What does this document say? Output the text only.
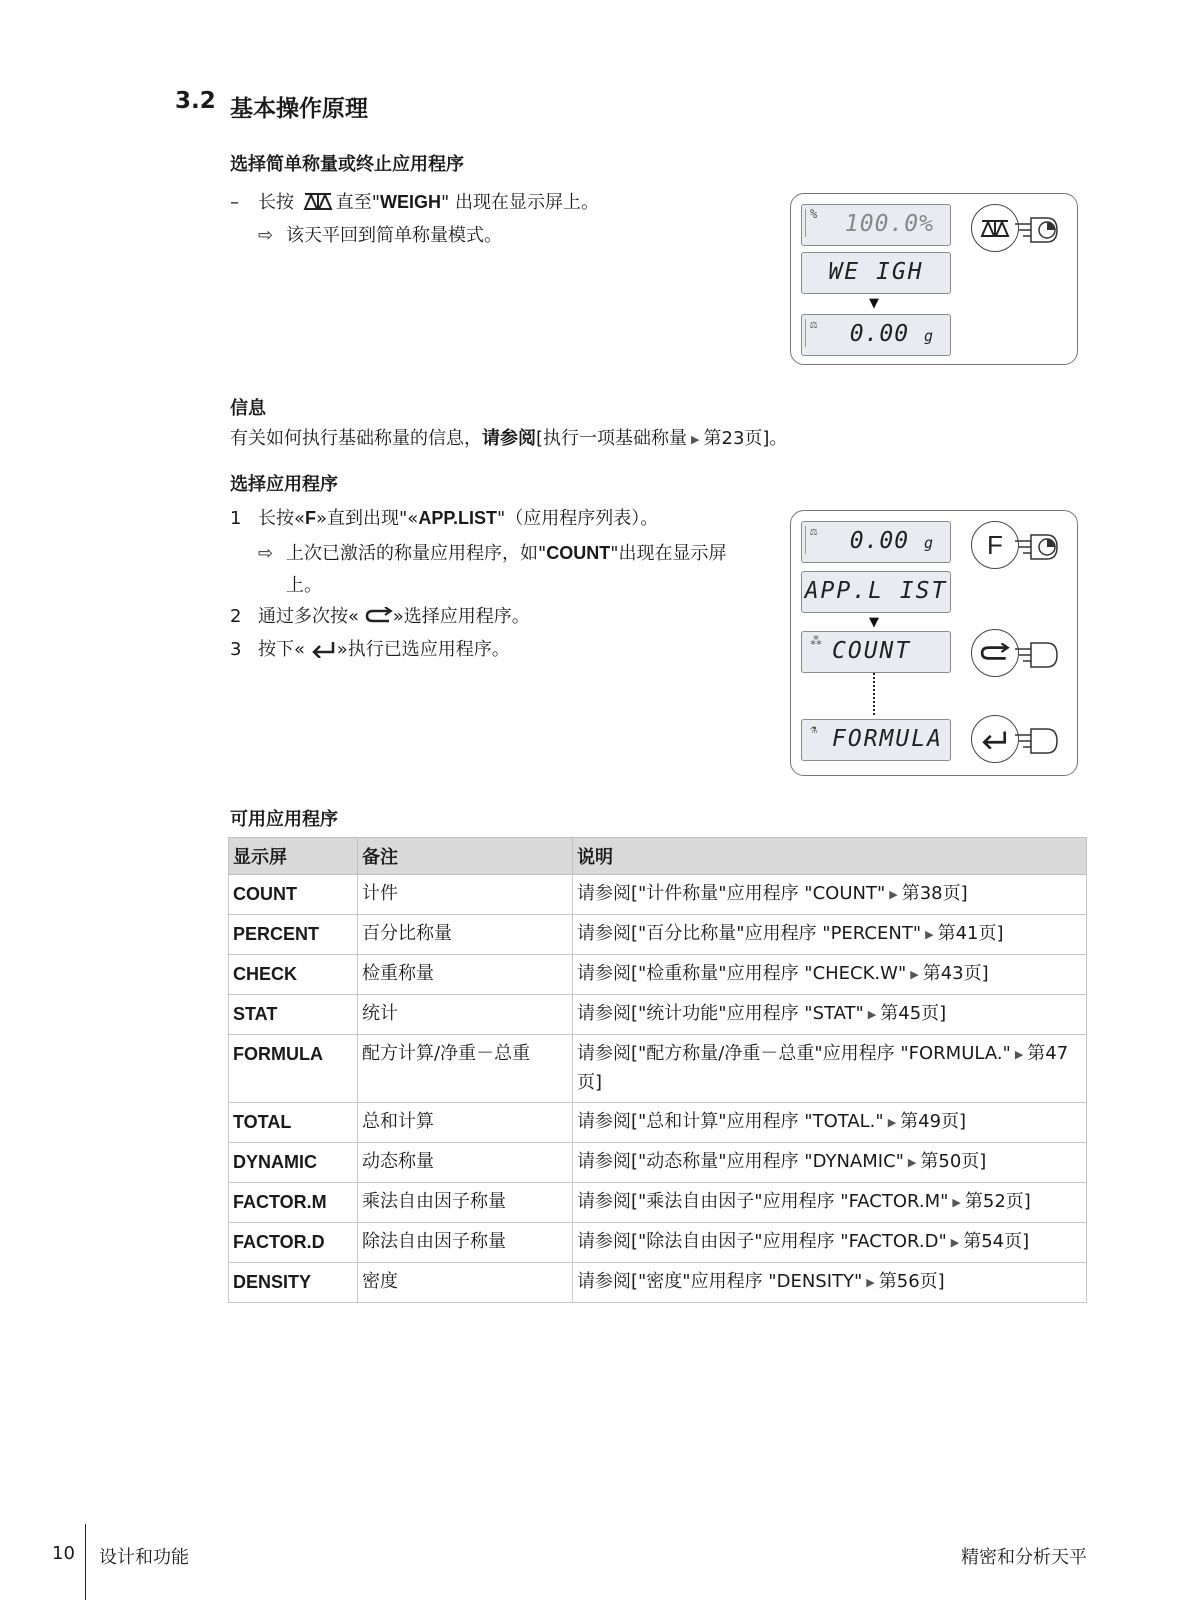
3.2 基本操作原理
选择简单称量或终止应用程序
– 长按 直至"WEIGH" 出现在显示屏上。
⇨ 该天平回到简单称量模式。
% 100.0%
WE IGH
▼
⚖ 0.00 g
信息
有关如何执行基础称量的信息，请参阅[执行一项基础称量 ▶ 第23页]。
选择应用程序
1 长按«F»直到出现"«APP.LIST"（应用程序列表）。
⇨ 上次已激活的称量应用程序，如"COUNT"出现在显示屏
上。
2 通过多次按« »选择应用程序。
3 按下« »执行已选应用程序。
⚖ 0.00 g
APP.L IST
▼
⁂ COUNT
⚗ FORMULA
F
可用应用程序
显示屏	备注	说明
COUNT	计件	请参阅["计件称量"应用程序 "COUNT" ▶ 第38页]
PERCENT	百分比称量	请参阅["百分比称量"应用程序 "PERCENT" ▶ 第41页]
CHECK	检重称量	请参阅["检重称量"应用程序 "CHECK.W" ▶ 第43页]
STAT	统计	请参阅["统计功能"应用程序 "STAT" ▶ 第45页]
FORMULA	配方计算/净重－总重	请参阅["配方称量/净重－总重"应用程序 "FORMULA." ▶ 第47页]
TOTAL	总和计算	请参阅["总和计算"应用程序 "TOTAL." ▶ 第49页]
DYNAMIC	动态称量	请参阅["动态称量"应用程序 "DYNAMIC" ▶ 第50页]
FACTOR.M	乘法自由因子称量	请参阅["乘法自由因子"应用程序 "FACTOR.M" ▶ 第52页]
FACTOR.D	除法自由因子称量	请参阅["除法自由因子"应用程序 "FACTOR.D" ▶ 第54页]
DENSITY	密度	请参阅["密度"应用程序 "DENSITY" ▶ 第56页]
10 设计和功能	精密和分析天平
